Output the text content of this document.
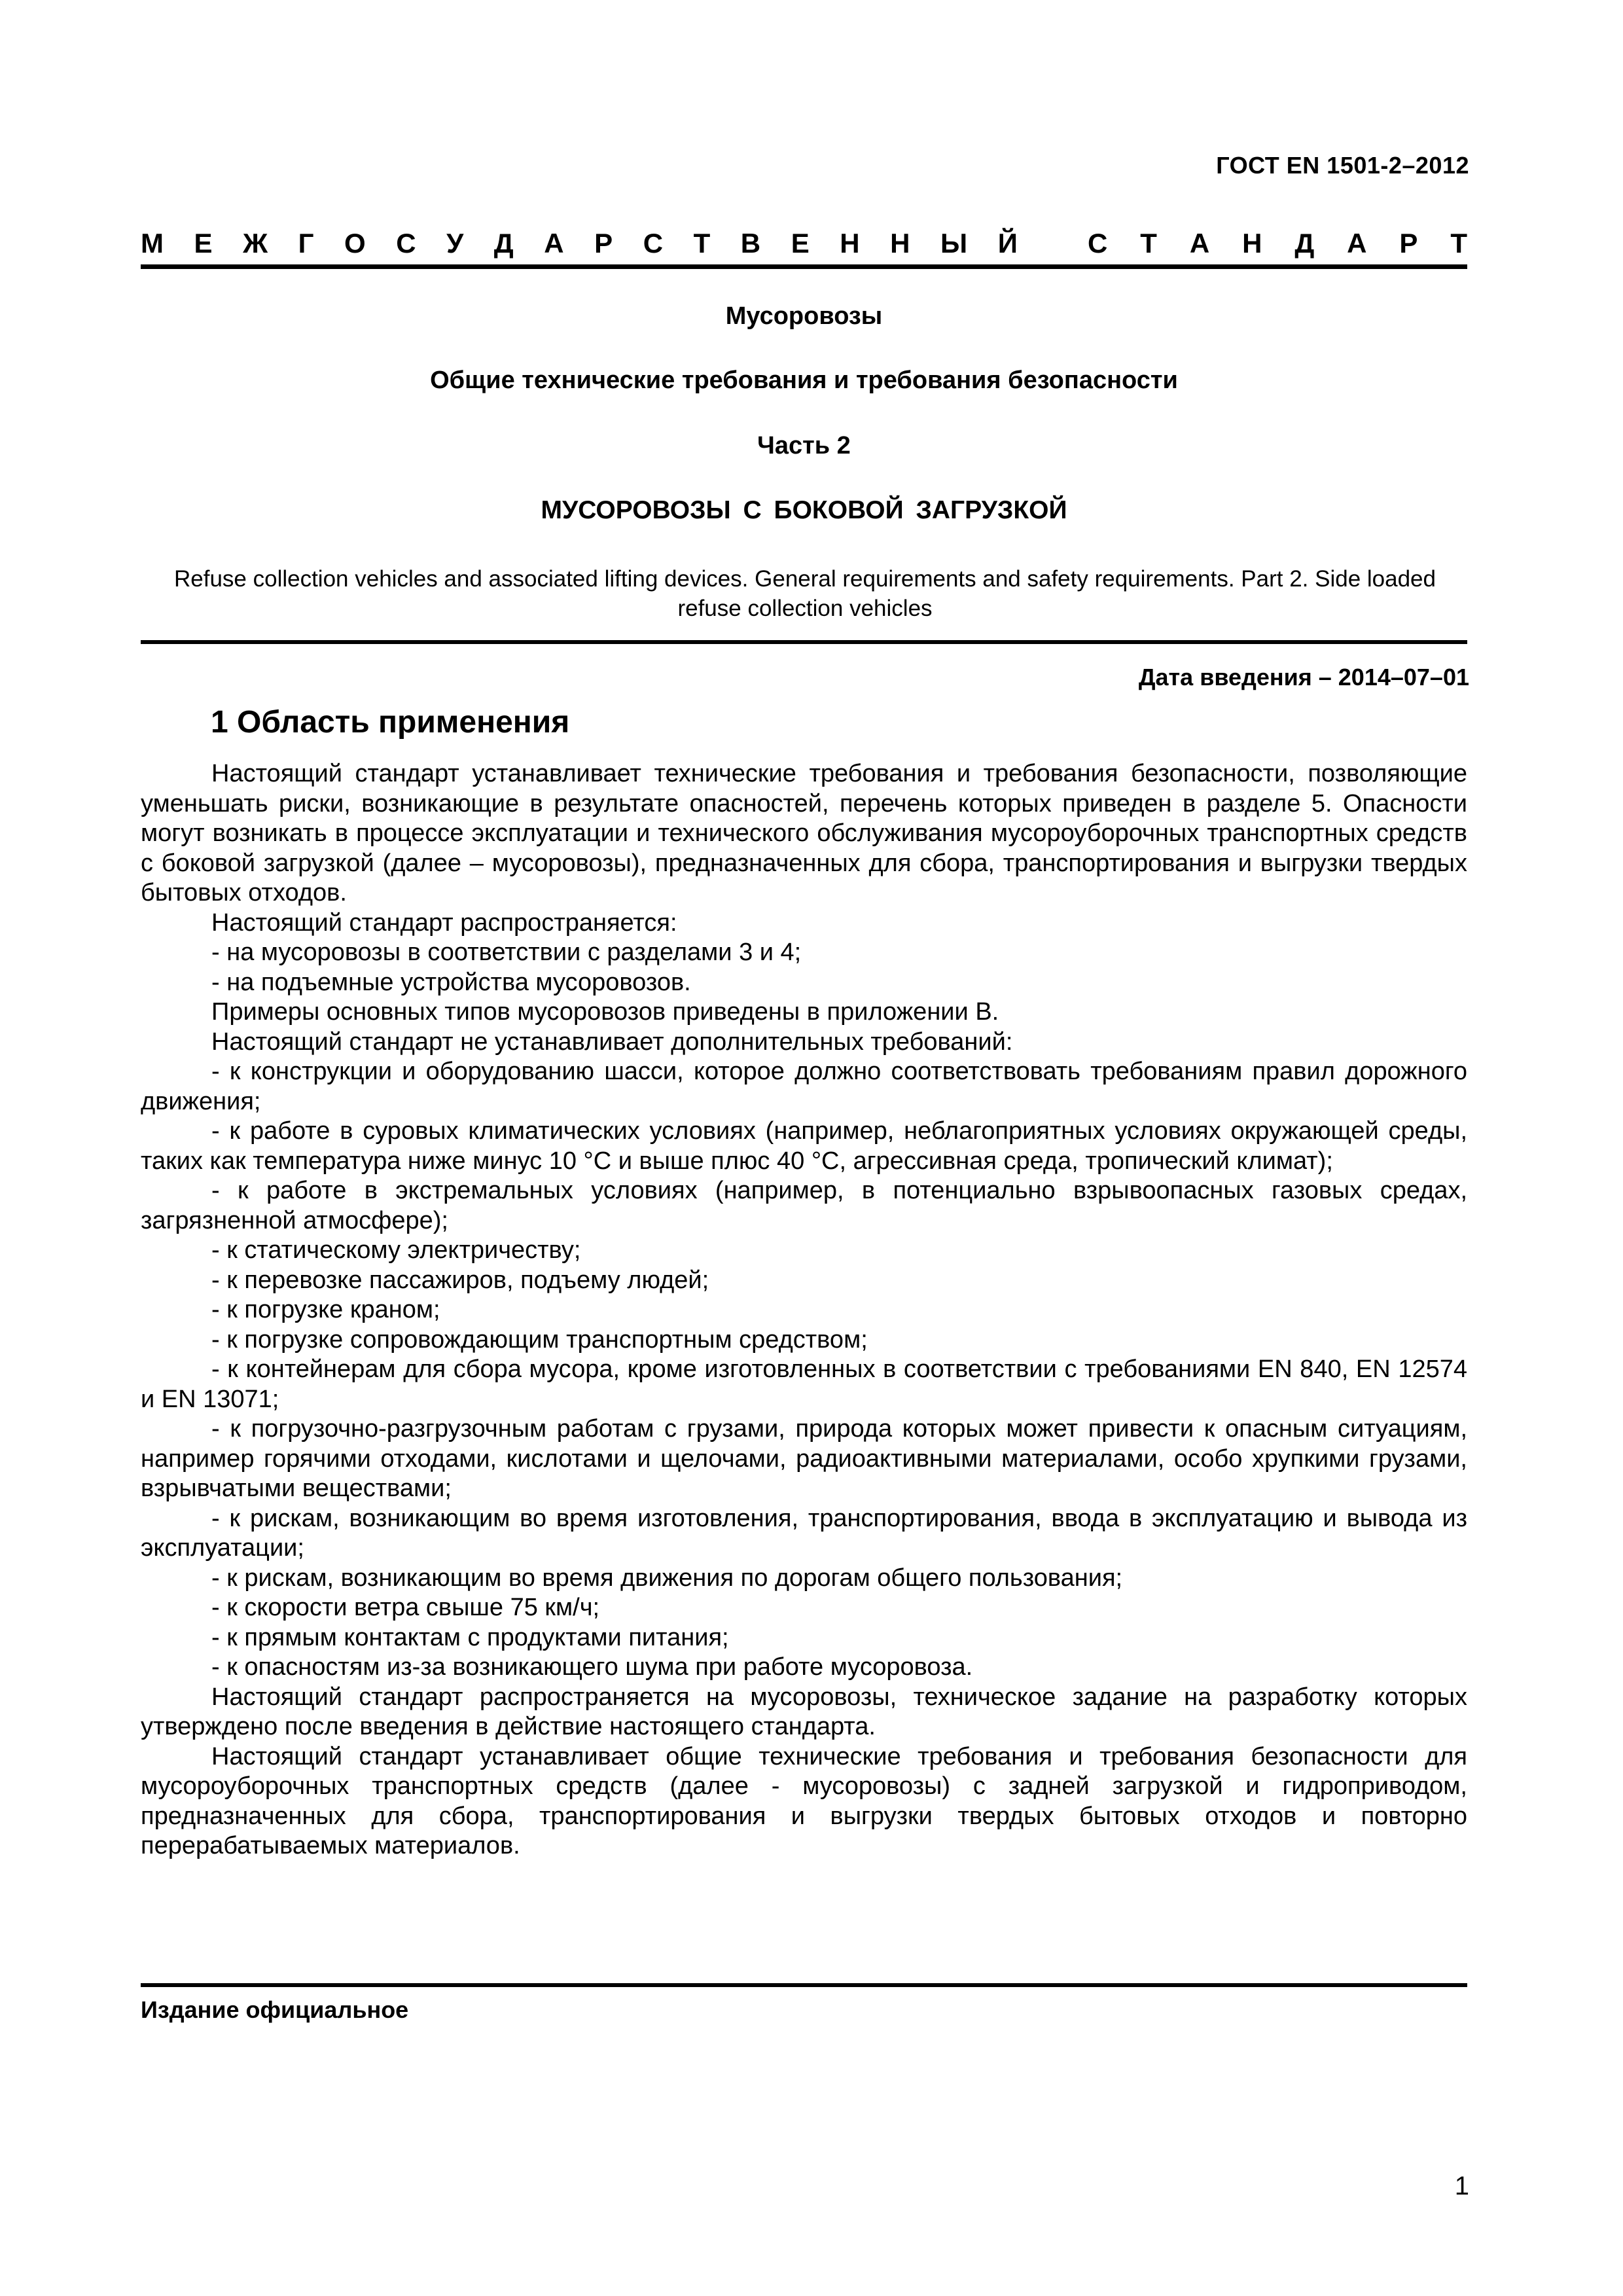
ГОСТ EN 1501-2–2012
М Е Ж Г О С У Д А Р С Т В Е Н Н Ы Й	С Т А Н Д А Р Т
Мусоровозы
Общие технические требования и требования безопасности
Часть 2
МУСОРОВОЗЫ С БОКОВОЙ ЗАГРУЗКОЙ
Refuse collection vehicles and associated lifting devices. General requirements and safety requirements. Part 2. Side loaded refuse collection vehicles
Дата введения – 2014–07–01
1 Область применения

Настоящий стандарт устанавливает технические требования и требования безопасности, позволяющие уменьшать риски, возникающие в результате опасностей, перечень которых приведен в разделе 5. Опасности могут возникать в процессе эксплуатации и технического обслуживания мусороуборочных транспортных средств с боковой загрузкой (далее – мусоровозы), предназначенных для сбора, транспортирования и выгрузки твердых бытовых отходов.

Настоящий стандарт распространяется:

- на мусоровозы в соответствии с разделами 3 и 4;

- на подъемные устройства мусоровозов.

Примеры основных типов мусоровозов приведены в приложении В.

Настоящий стандарт не устанавливает дополнительных требований:

- к конструкции и оборудованию шасси, которое должно соответствовать требованиям правил дорожного движения;

- к работе в суровых климатических условиях (например, неблагоприятных условиях окружающей среды, таких как температура ниже минус 10 °С и выше плюс 40 °С, агрессивная среда, тропический климат);

- к работе в экстремальных условиях (например, в потенциально взрывоопасных газовых средах, загрязненной атмосфере);

- к статическому электричеству;

- к перевозке пассажиров, подъему людей;

- к погрузке краном;

- к погрузке сопровождающим транспортным средством;

- к контейнерам для сбора мусора, кроме изготовленных в соответствии с требованиями EN 840, EN 12574 и EN 13071;

- к погрузочно-разгрузочным работам с грузами, природа которых может привести к опасным ситуациям, например горячими отходами, кислотами и щелочами, радиоактивными материалами, особо хрупкими грузами, взрывчатыми веществами;

- к рискам, возникающим во время изготовления, транспортирования, ввода в эксплуатацию и вывода из эксплуатации;

- к рискам, возникающим во время движения по дорогам общего пользования;

- к скорости ветра свыше 75 км/ч;

- к прямым контактам с продуктами питания;

- к опасностям из-за возникающего шума при работе мусоровоза.

Настоящий стандарт распространяется на мусоровозы, техническое задание на разработку которых утверждено после введения в действие настоящего стандарта.

Настоящий стандарт устанавливает общие технические требования и требования безопасности для мусороуборочных транспортных средств (далее - мусоровозы) с задней загрузкой и гидроприводом, предназначенных для сбора, транспортирования и выгрузки твердых бытовых отходов и повторно перерабатываемых материалов.

Издание официальное
1
